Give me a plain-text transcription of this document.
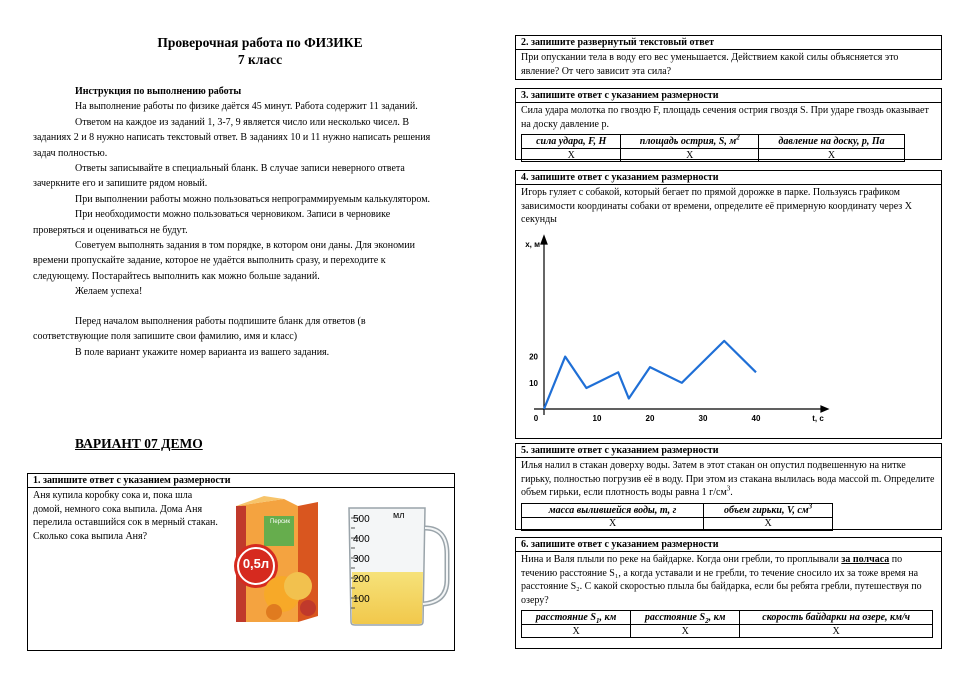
Проверочная работа по ФИЗИКЕ
7 класс

Инструкция по выполнению работы

На выполнение работы по физике даётся 45 минут. Работа содержит 11 заданий.

Ответом на каждое из заданий 1, 3-7, 9 является число или несколько чисел. В заданиях 2 и 8 нужно написать текстовый ответ. В заданиях 10 и 11 нужно написать решения задач полностью.

Ответы записывайте в специальный бланк. В случае записи неверного ответа зачеркните его и запишите рядом новый.

При выполнении работы можно пользоваться непрограммируемым калькулятором.

При необходимости можно пользоваться черновиком. Записи в черновике проверяться и оцениваться не будут.

Советуем выполнять задания в том порядке, в котором они даны. Для экономии времени пропускайте задание, которое не удаётся выполнить сразу, и переходите к следующему. Постарайтесь выполнить как можно больше заданий.

Желаем успеха!

Перед началом выполнения работы подпишите бланк для ответов (в соответствующие поля запишите свои фамилию, имя и класс)

В поле вариант укажите номер варианта из вашего задания.

ВАРИАНТ 07 ДЕМО
1. запишите ответ с указанием размерности
Аня купила коробку сока и, пока шла домой, немного сока выпила. Дома Аня перелила оставшийся сок в мерный стакан. Сколько сока выпила Аня?
0,5л
Персик
мл
500
400
300
200
100
2. запишите развернутый текстовый ответ
При опускании тела в воду его вес уменьшается. Действием какой силы объясняется это явление? От чего зависит эта сила?
3. запишите ответ с указанием размерности
Сила удара молотка по гвоздю F, площадь сечения острия гвоздя S. При ударе гвоздь оказывает на доску давление p.
сила удара, F, H	площадь острия, S, $м^2$	давление на доску, p, Па
X	X	X
4. запишите ответ с указанием размерности
Игорь гуляет с собакой, который бегает по прямой дорожке в парке. Пользуясь графиком зависимости координаты собаки от времени, определите её примерную координату через X секунды
0	10	20	30	40
10
20
t, c
x, м
5. запишите ответ с указанием размерности
Илья налил в стакан доверху воды. Затем в этот стакан он опустил подвешенную на нитке гирьку, полностью погрузив её в воду. При этом из стакана вылилась вода массой m. Определите объем гирьки, если плотность воды равна 1 $г/см^3$.
масса вылившейся воды, m, г	объем гирьки, V, $см^3$
X	X
6. запишите ответ с указанием размерности
Нина и Валя плыли по реке на байдарке. Когда они гребли, то проплывали за полчаса по течению расстояние S₁, а когда уставали и не гребли, то течение сносило их за тоже время на расстояние S₂. С какой скоростью плыла бы байдарка, если бы ребята гребли, путешествуя по озеру?
расстояние $S_1$, км	расстояние $S_2$, км	скорость байдарки на озере, км/ч
X	X	X
